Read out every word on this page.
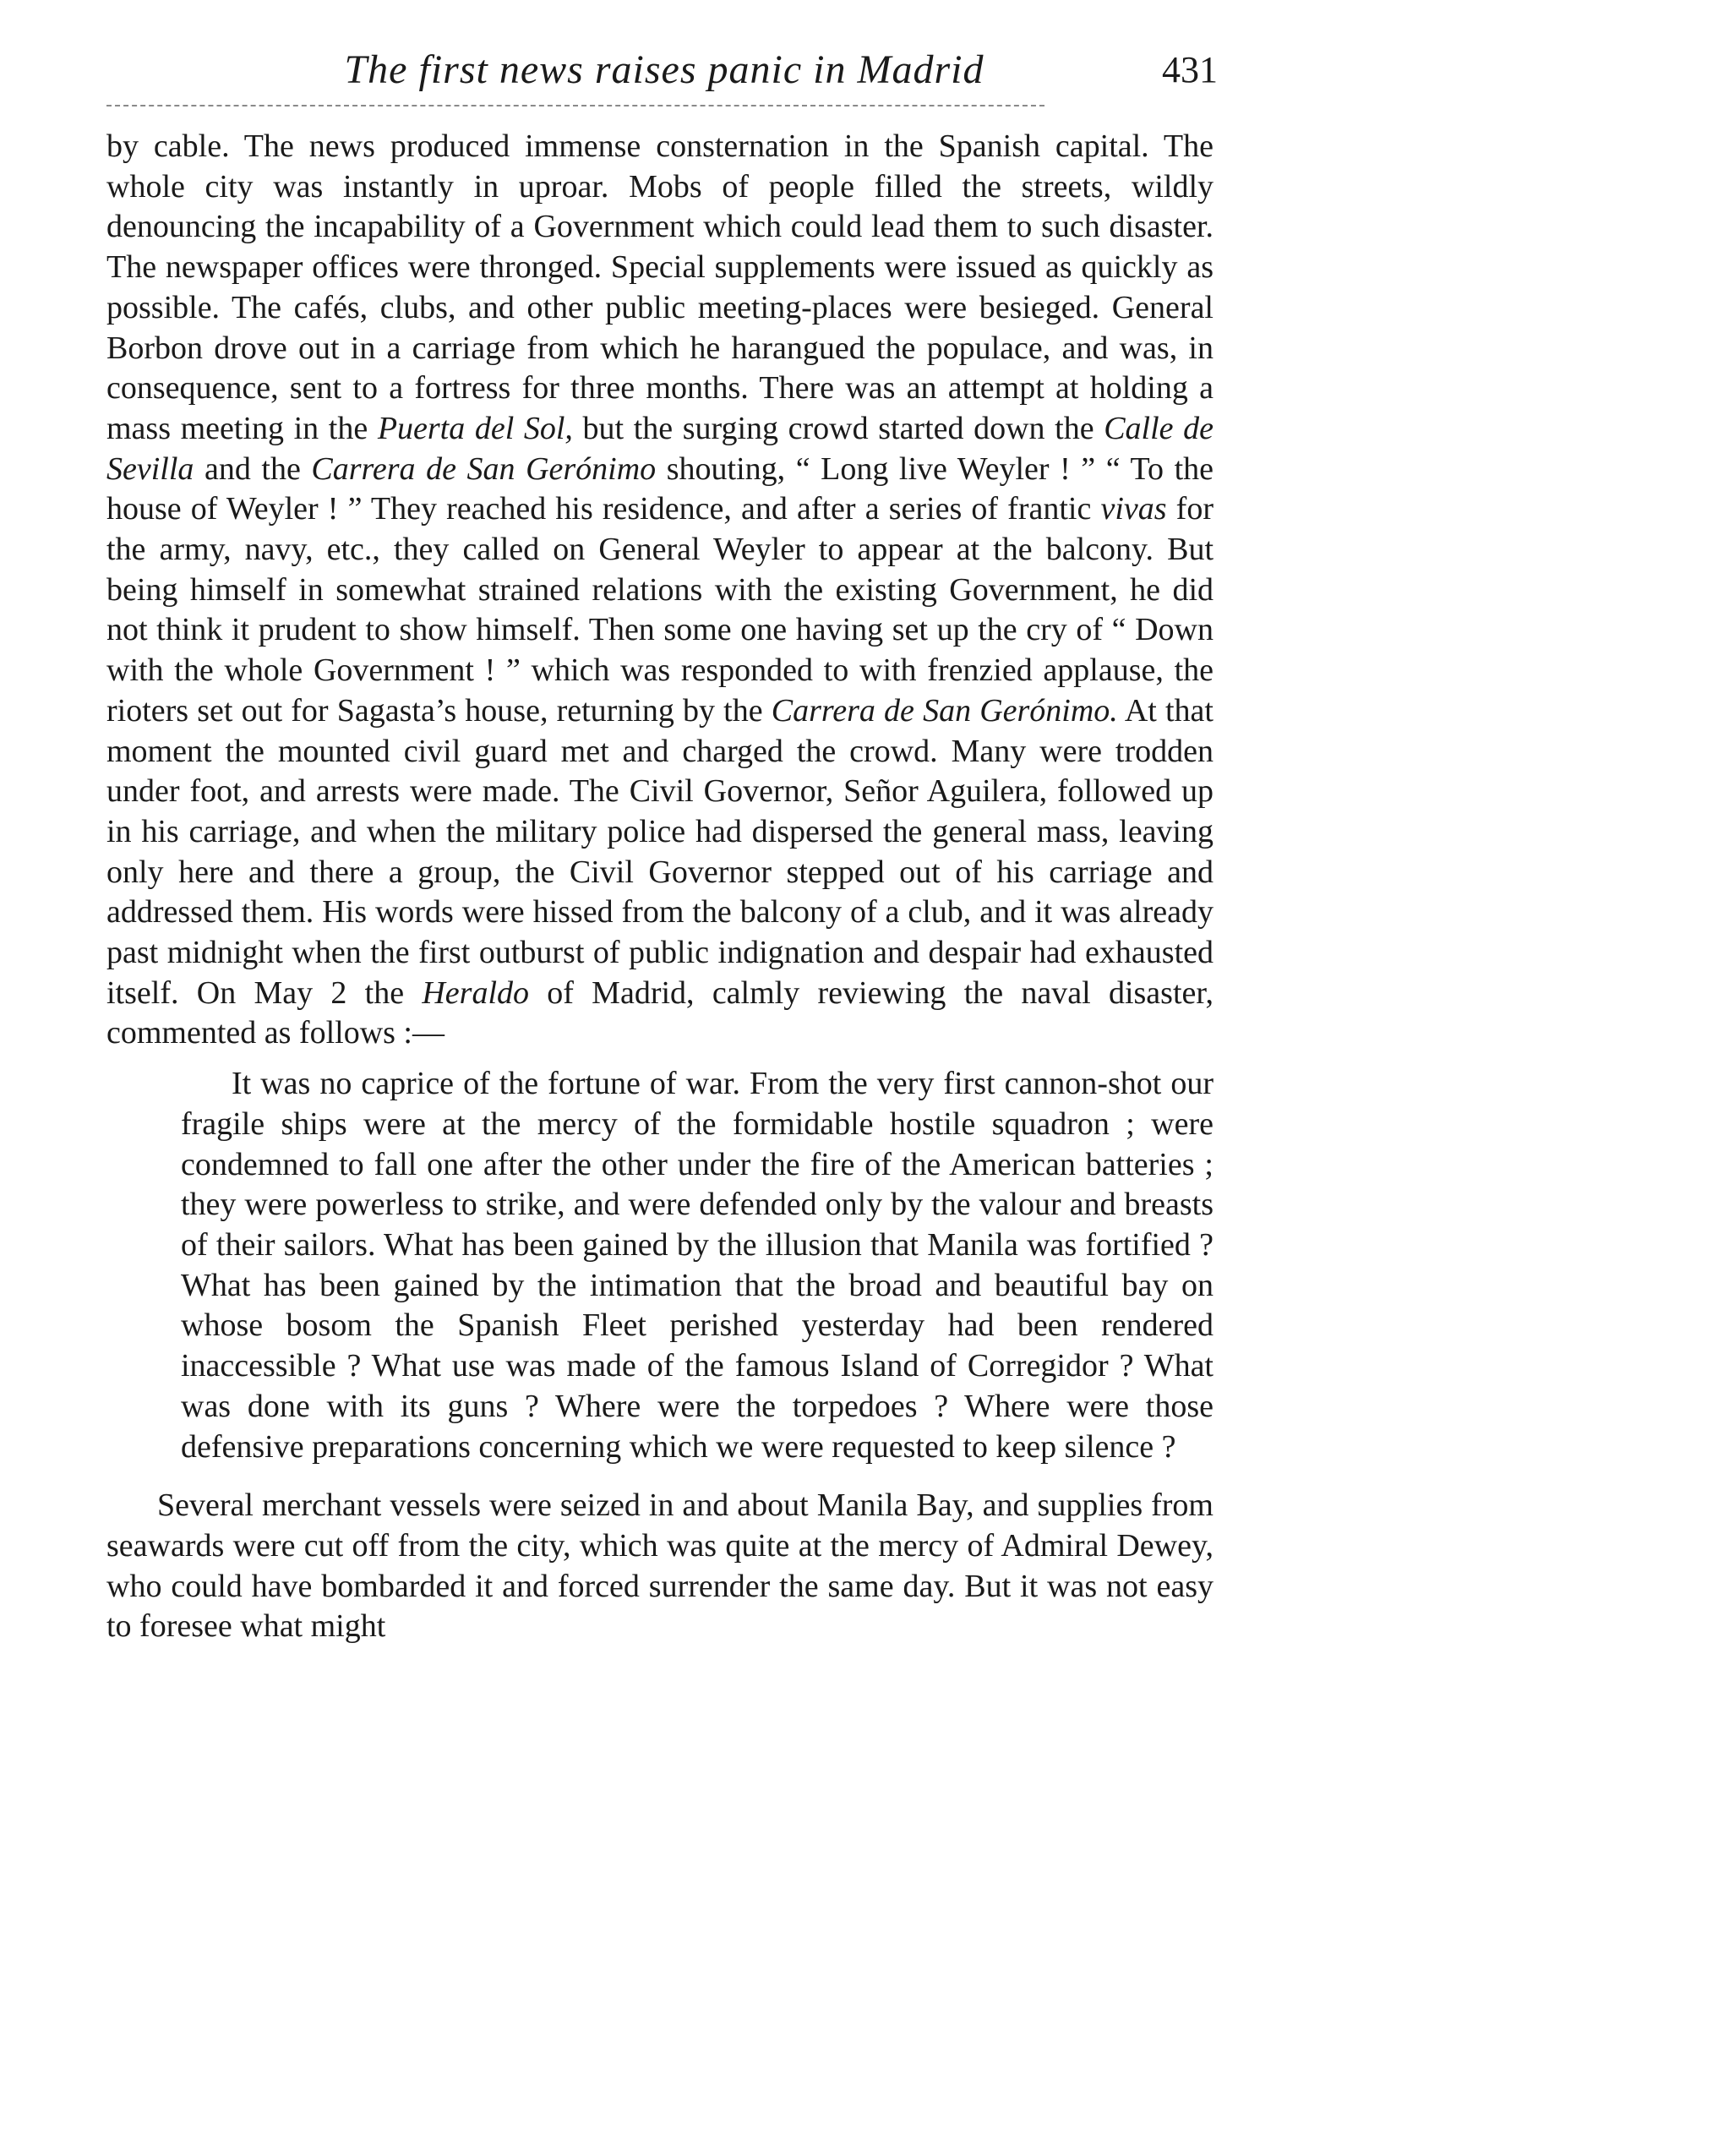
The first news raises panic in Madrid	431

by cable. The news produced immense consternation in the Spanish capital. The whole city was instantly in uproar. Mobs of people filled the streets, wildly denouncing the incapability of a Government which could lead them to such disaster. The newspaper offices were thronged. Special supplements were issued as quickly as possible. The cafés, clubs, and other public meeting-places were besieged. General Borbon drove out in a carriage from which he harangued the populace, and was, in consequence, sent to a fortress for three months. There was an attempt at holding a mass meeting in the Puerta del Sol, but the surging crowd started down the Calle de Sevilla and the Carrera de San Gerónimo shouting, “ Long live Weyler ! ” “ To the house of Weyler ! ” They reached his residence, and after a series of frantic vivas for the army, navy, etc., they called on General Weyler to appear at the balcony. But being himself in somewhat strained relations with the existing Government, he did not think it prudent to show himself. Then some one having set up the cry of “ Down with the whole Government ! ” which was responded to with frenzied applause, the rioters set out for Sagasta’s house, returning by the Carrera de San Gerónimo. At that moment the mounted civil guard met and charged the crowd. Many were trodden under foot, and arrests were made. The Civil Governor, Señor Aguilera, followed up in his carriage, and when the military police had dispersed the general mass, leaving only here and there a group, the Civil Governor stepped out of his carriage and addressed them. His words were hissed from the balcony of a club, and it was already past midnight when the first outburst of public indignation and despair had exhausted itself. On May 2 the Heraldo of Madrid, calmly reviewing the naval disaster, commented as follows :—

It was no caprice of the fortune of war. From the very first cannon-shot our fragile ships were at the mercy of the formidable hostile squadron ; were condemned to fall one after the other under the fire of the American batteries ; they were powerless to strike, and were defended only by the valour and breasts of their sailors. What has been gained by the illusion that Manila was fortified ? What has been gained by the intimation that the broad and beautiful bay on whose bosom the Spanish Fleet perished yesterday had been rendered inaccessible ? What use was made of the famous Island of Corregidor ? What was done with its guns ? Where were the torpedoes ? Where were those defensive preparations concerning which we were requested to keep silence ?

Several merchant vessels were seized in and about Manila Bay, and supplies from seawards were cut off from the city, which was quite at the mercy of Admiral Dewey, who could have bombarded it and forced surrender the same day. But it was not easy to foresee what might
